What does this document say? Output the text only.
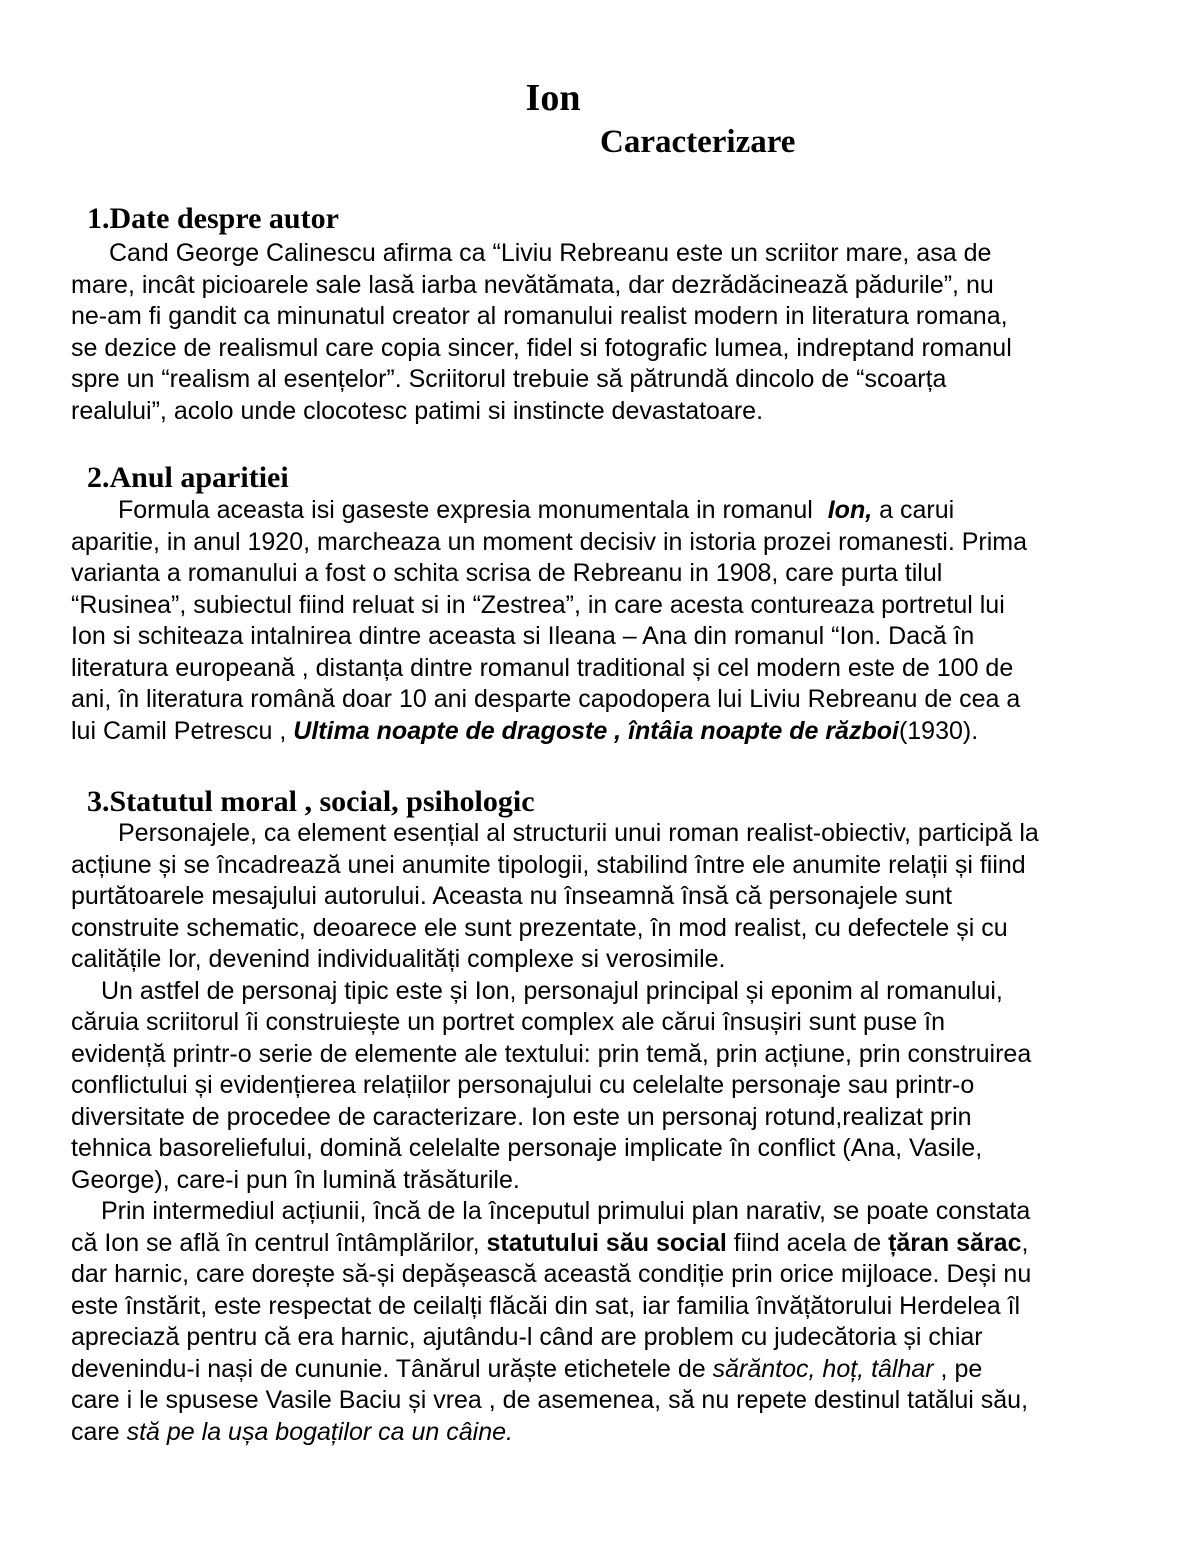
Ion
Caracterizare
1.Date despre autor
Cand George Calinescu afirma ca “Liviu Rebreanu este un scriitor mare, asa de
mare, incât picioarele sale lasă iarba nevătămata, dar dezrădăcinează pădurile”, nu
ne-am fi gandit ca minunatul creator al romanului realist modern in literatura romana,
se dezice de realismul care copia sincer, fidel si fotografic lumea, indreptand romanul
spre un “realism al esențelor”. Scriitorul trebuie să pătrundă dincolo de “scoarța
realului”, acolo unde clocotesc patimi si instincte devastatoare.
2.Anul aparitiei
Formula aceasta isi gaseste expresia monumentala in romanul Ion, a carui
aparitie, in anul 1920, marcheaza un moment decisiv in istoria prozei romanesti. Prima
varianta a romanului a fost o schita scrisa de Rebreanu in 1908, care purta tilul
“Rusinea”, subiectul fiind reluat si in “Zestrea”, in care acesta contureaza portretul lui
Ion si schiteaza intalnirea dintre aceasta si Ileana – Ana din romanul “Ion. Dacă în
literatura europeană , distanța dintre romanul traditional și cel modern este de 100 de
ani, în literatura română doar 10 ani desparte capodopera lui Liviu Rebreanu de cea a
lui Camil Petrescu , Ultima noapte de dragoste , întâia noapte de război(1930).
3.Statutul moral , social, psihologic
Personajele, ca element esențial al structurii unui roman realist-obiectiv, participă la
acțiune și se încadrează unei anumite tipologii, stabilind între ele anumite relații și fiind
purtătoarele mesajului autorului. Aceasta nu înseamnă însă că personajele sunt
construite schematic, deoarece ele sunt prezentate, în mod realist, cu defectele și cu
calitățile lor, devenind individualități complexe si verosimile.
Un astfel de personaj tipic este și Ion, personajul principal și eponim al romanului,
căruia scriitorul îi construiește un portret complex ale cărui însușiri sunt puse în
evidență printr-o serie de elemente ale textului: prin temă, prin acțiune, prin construirea
conflictului și evidențierea relațiilor personajului cu celelalte personaje sau printr-o
diversitate de procedee de caracterizare. Ion este un personaj rotund,realizat prin
tehnica basoreliefului, domină celelalte personaje implicate în conflict (Ana, Vasile,
George), care-i pun în lumină trăsăturile.
Prin intermediul acțiunii, încă de la începutul primului plan narativ, se poate constata
că Ion se află în centrul întâmplărilor, statutului său social fiind acela de țăran sărac,
dar harnic, care dorește să-și depășească această condiție prin orice mijloace. Deși nu
este înstărit, este respectat de ceilalți flăcăi din sat, iar familia învățătorului Herdelea îl
apreciază pentru că era harnic, ajutându-l când are problem cu judecătoria și chiar
devenindu-i nași de cununie. Tânărul urăște etichetele de sărăntoc, hoț, tâlhar , pe
care i le spusese Vasile Baciu și vrea , de asemenea, să nu repete destinul tatălui său,
care stă pe la ușa bogaților ca un câine.
